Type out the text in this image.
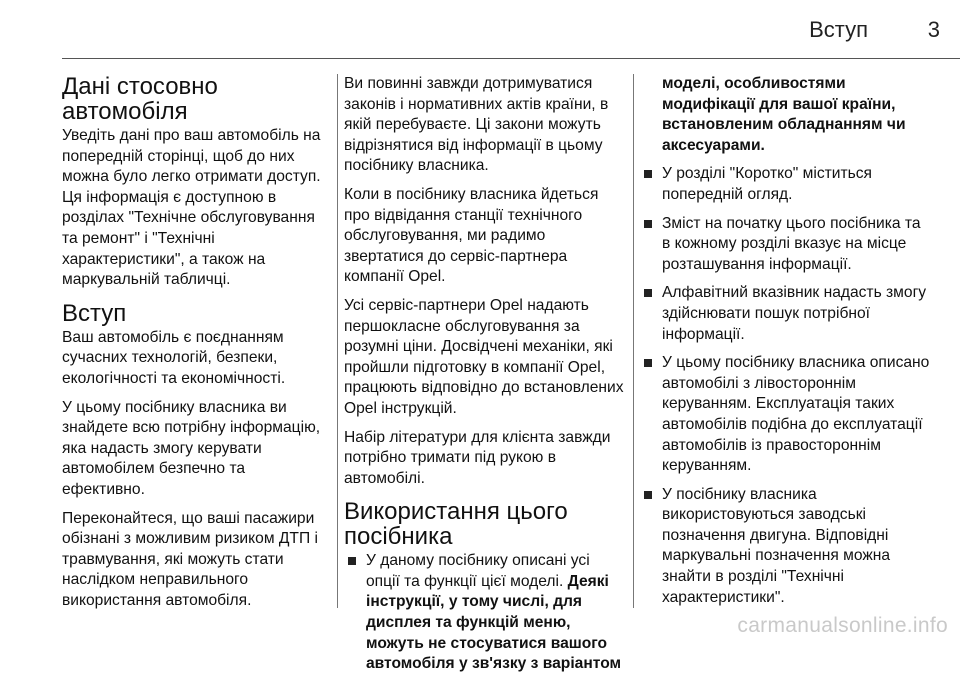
Вступ	3
Дані стосовно автомобіля

Уведіть дані про ваш автомобіль на попередній сторінці, щоб до них можна було легко отримати доступ. Ця інформація є доступною в розділах "Технічне обслуговування та ремонт" і "Технічні характеристики", а також на маркувальній табличці.

Вступ

Ваш автомобіль є поєднанням сучасних технологій, безпеки, екологічності та економічності.

У цьому посібнику власника ви знайдете всю потрібну інформацію, яка надасть змогу керувати автомобілем безпечно та ефективно.

Переконайтеся, що ваші пасажири обізнані з можливим ризиком ДТП і травмування, які можуть стати наслідком неправильного використання автомобіля.

Ви повинні завжди дотримуватися законів і нормативних актів країни, в якій перебуваєте. Ці закони можуть відрізнятися від інформації в цьому посібнику власника.

Коли в посібнику власника йдеться про відвідання станції технічного обслуговування, ми радимо звертатися до сервіс-партнера компанії Opel.

Усі сервіс-партнери Opel надають першокласне обслуговування за розумні ціни. Досвідчені механіки, які пройшли підготовку в компанії Opel, працюють відповідно до встановлених Opel інструкцій.

Набір літератури для клієнта завжди потрібно тримати під рукою в автомобілі.

Використання цього посібника
У даному посібнику описані усі опції та функції цієї моделі. Деякі інструкції, у тому числі, для дисплея та функцій меню, можуть не стосуватися вашого автомобіля у зв'язку з варіантом

моделі, особливостями модифікації для вашої країни, встановленим обладнанням чи аксесуарами.

У розділі "Коротко" міститься попередній огляд.
Зміст на початку цього посібника та в кожному розділі вказує на місце розташування інформації.
Алфавітний вказівник надасть змогу здійснювати пошук потрібної інформації.
У цьому посібнику власника описано автомобілі з лівостороннім керуванням. Експлуатація таких автомобілів подібна до експлуатації автомобілів із правостороннім керуванням.
У посібнику власника використовуються заводські позначення двигуна. Відповідні маркувальні позначення можна знайти в розділі "Технічні характеристики".
carmanualsonline.info
